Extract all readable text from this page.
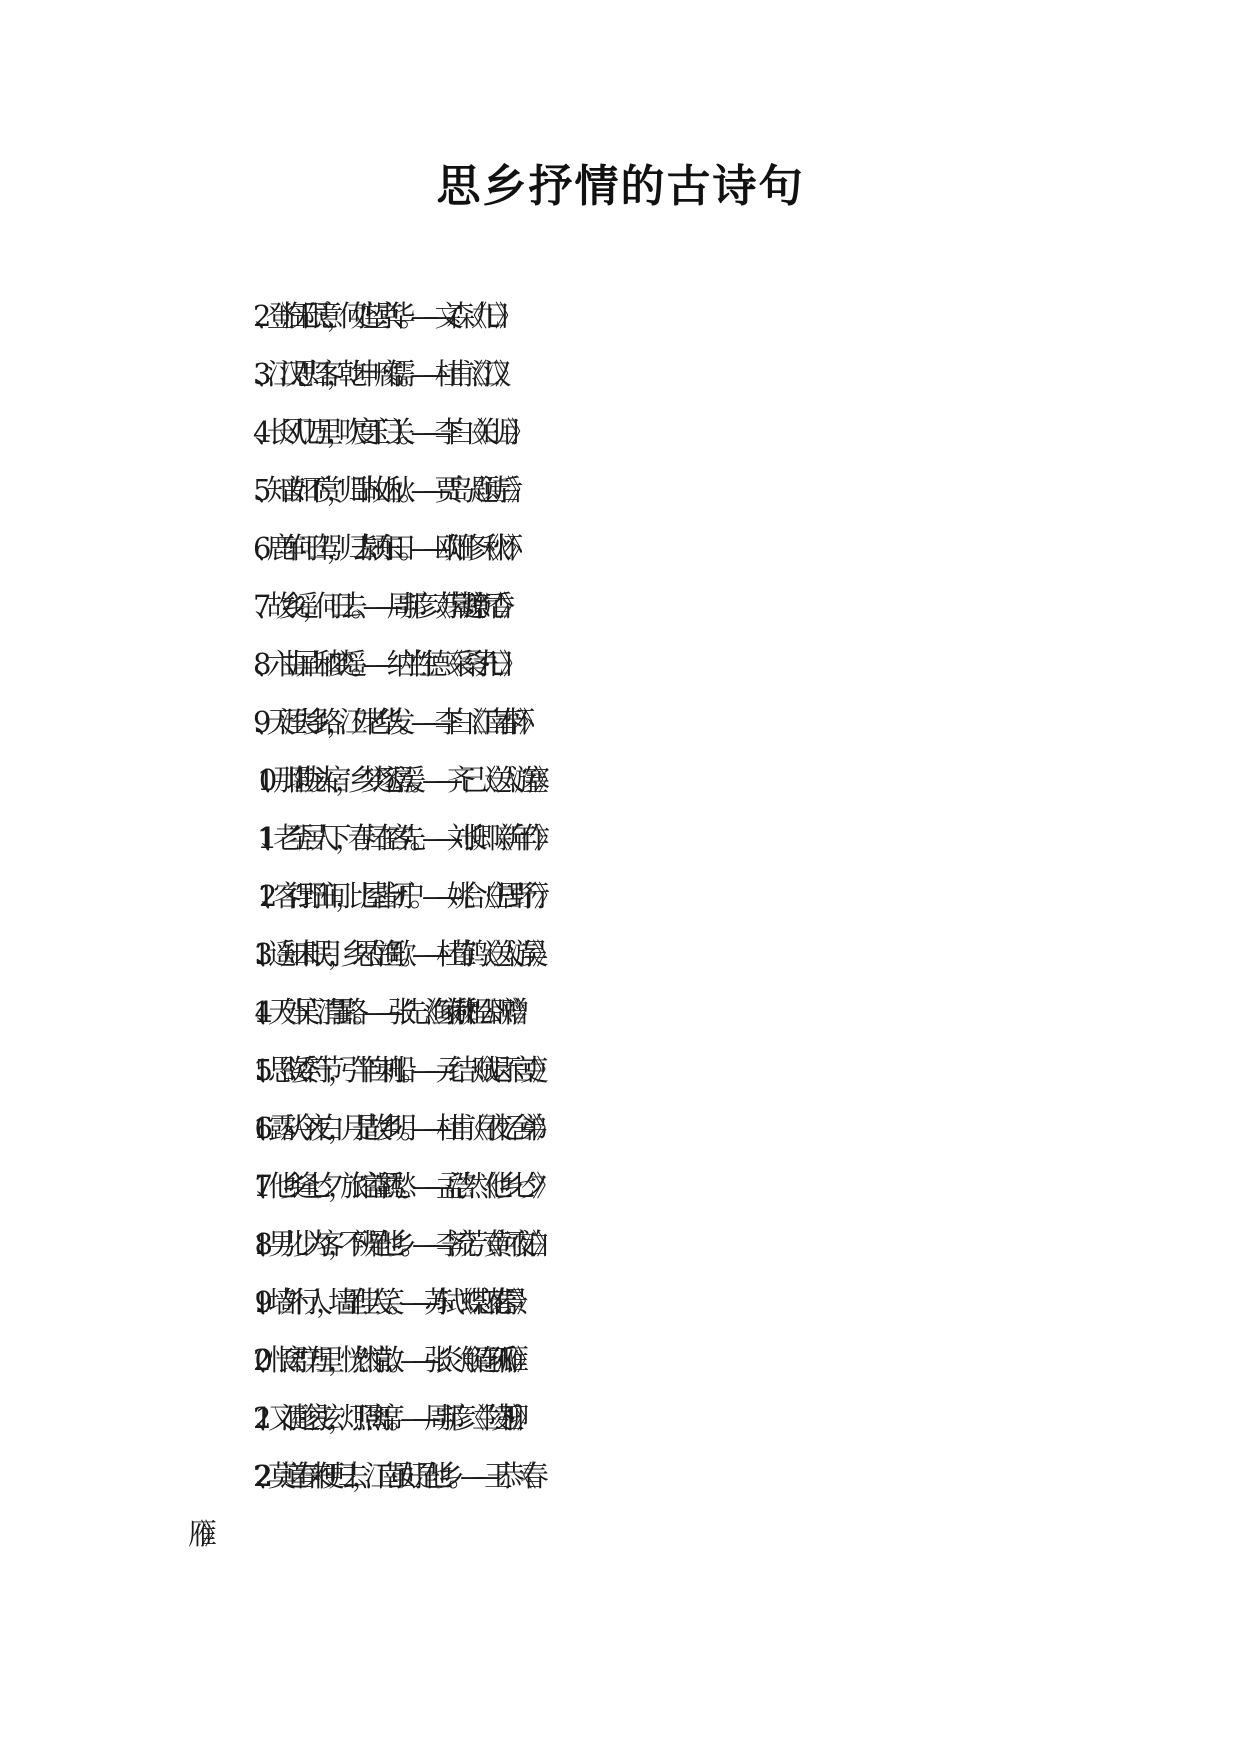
思乡抒情的古诗句
2、登临无限意，何处望京华。——文森《九日》
3、江汉思归客，乾坤一腐儒。——杜甫《江汉》
4、长风几万里，吹度玉门关。——李白《关山月》
5、知音如不赏，归卧故山秋。——贾岛《题诗后》
6、鹿车何日驾，归去颍东田。——欧阳修《秋怀》
7、故乡遥，何日去。——周邦彦《苏幕遮·燎沉香》
8、六曲屏山和梦遥。——纳兰性德《采桑子·九日》
9、天涯失乡路，江外老华发。——李白《江南春怀》
10、那堪陇头宿，乡梦逐潺湲。——齐己《送人游塞》
11、老至居人下，春归在客先。——刘长卿《新年作》
12、客行野田间，比屋皆闭户。——姚合《庄居野行》
13、遥知未眠月，乡思在渔歌。——杜荀鹤《送人游吴》
14、天外吴门清霅路。——张先《渔家傲·和程公辟赠》
15、思欲委符节，引竿自刺船。——元结《贼退示官吏》
16、露从今夜白，月是故乡明。——杜甫《月夜忆舍弟》
17、他乡逢七夕，旅馆益羁愁。——孟浩然《他乡七夕》
18、男儿少为客，不辨是他乡。——李流芳《黄河夜泊》
19、墙外行人，墙里佳人笑。——苏轼《蝶恋花·春景》
20、怅离群万里，恍然惊散。——张炎《解连环·孤雁》
21、又酒趁哀弦，灯照离席。——周邦彦《兰陵王·柳》
22、莫道春来便归去，江南虽好是他乡。——王恭《春
雁》
